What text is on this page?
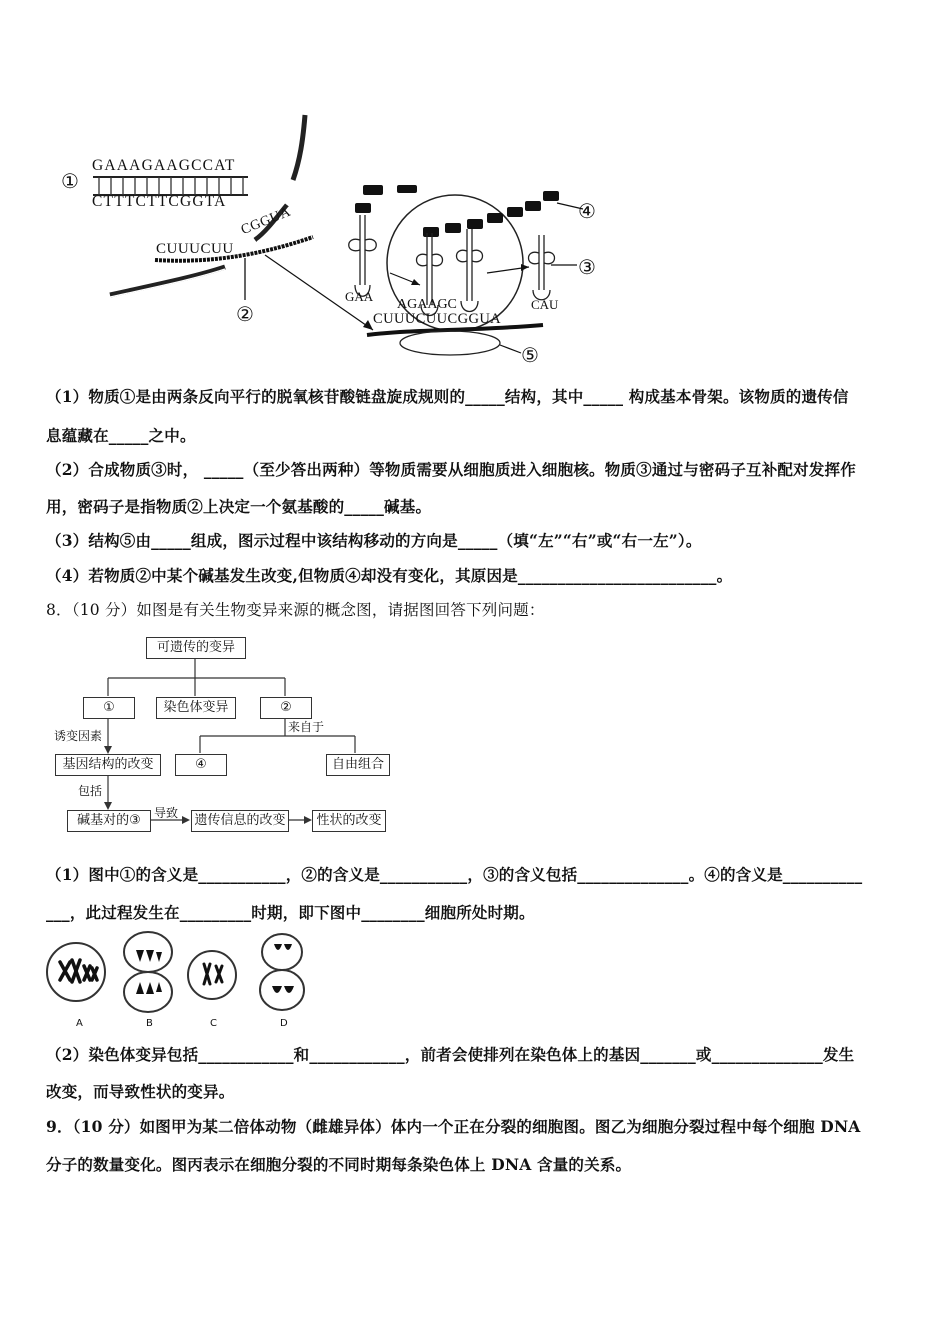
①
GAAAGAAGCCAT
CTTTCTTCGGTA
CUUUCUU
CGGUA
②
GAA
AGAAGC	CAU
CUUUCUUCGGUA
③
④
⑤
（1）物质①是由两条反向平行的脱氧核苷酸链盘旋成规则的_____结构，其中_____ 构成基本骨架。该物质的遗传信
息蕴藏在_____之中。
（2）合成物质③时， _____（至少答出两种）等物质需要从细胞质进入细胞核。物质③通过与密码子互补配对发挥作
用，密码子是指物质②上决定一个氨基酸的_____碱基。
（3）结构⑤由_____组成，图示过程中该结构移动的方向是_____（填“左”“右”或“右一左”）。
（4）若物质②中某个碱基发生改变,但物质④却没有变化，其原因是_________________________。
8．（10 分）如图是有关生物变异来源的概念图，请据图回答下列问题：
可遗传的变异
①	染色体变异	②
来自于
诱变因素
基因结构的改变	④	自由组合
包括
碱基对的③	导致 遗传信息的改变	性状的改变
（1）图中①的含义是___________，②的含义是___________，③的含义包括______________。④的含义是__________
___，此过程发生在_________时期，即下图中________细胞所处时期。
A	B	C	D
（2）染色体变异包括____________和____________，前者会使排列在染色体上的基因_______或______________发生
改变，而导致性状的变异。
9．（10 分）如图甲为某二倍体动物（雌雄异体）体内一个正在分裂的细胞图。图乙为细胞分裂过程中每个细胞 DNA
分子的数量变化。图丙表示在细胞分裂的不同时期每条染色体上 DNA 含量的关系。
